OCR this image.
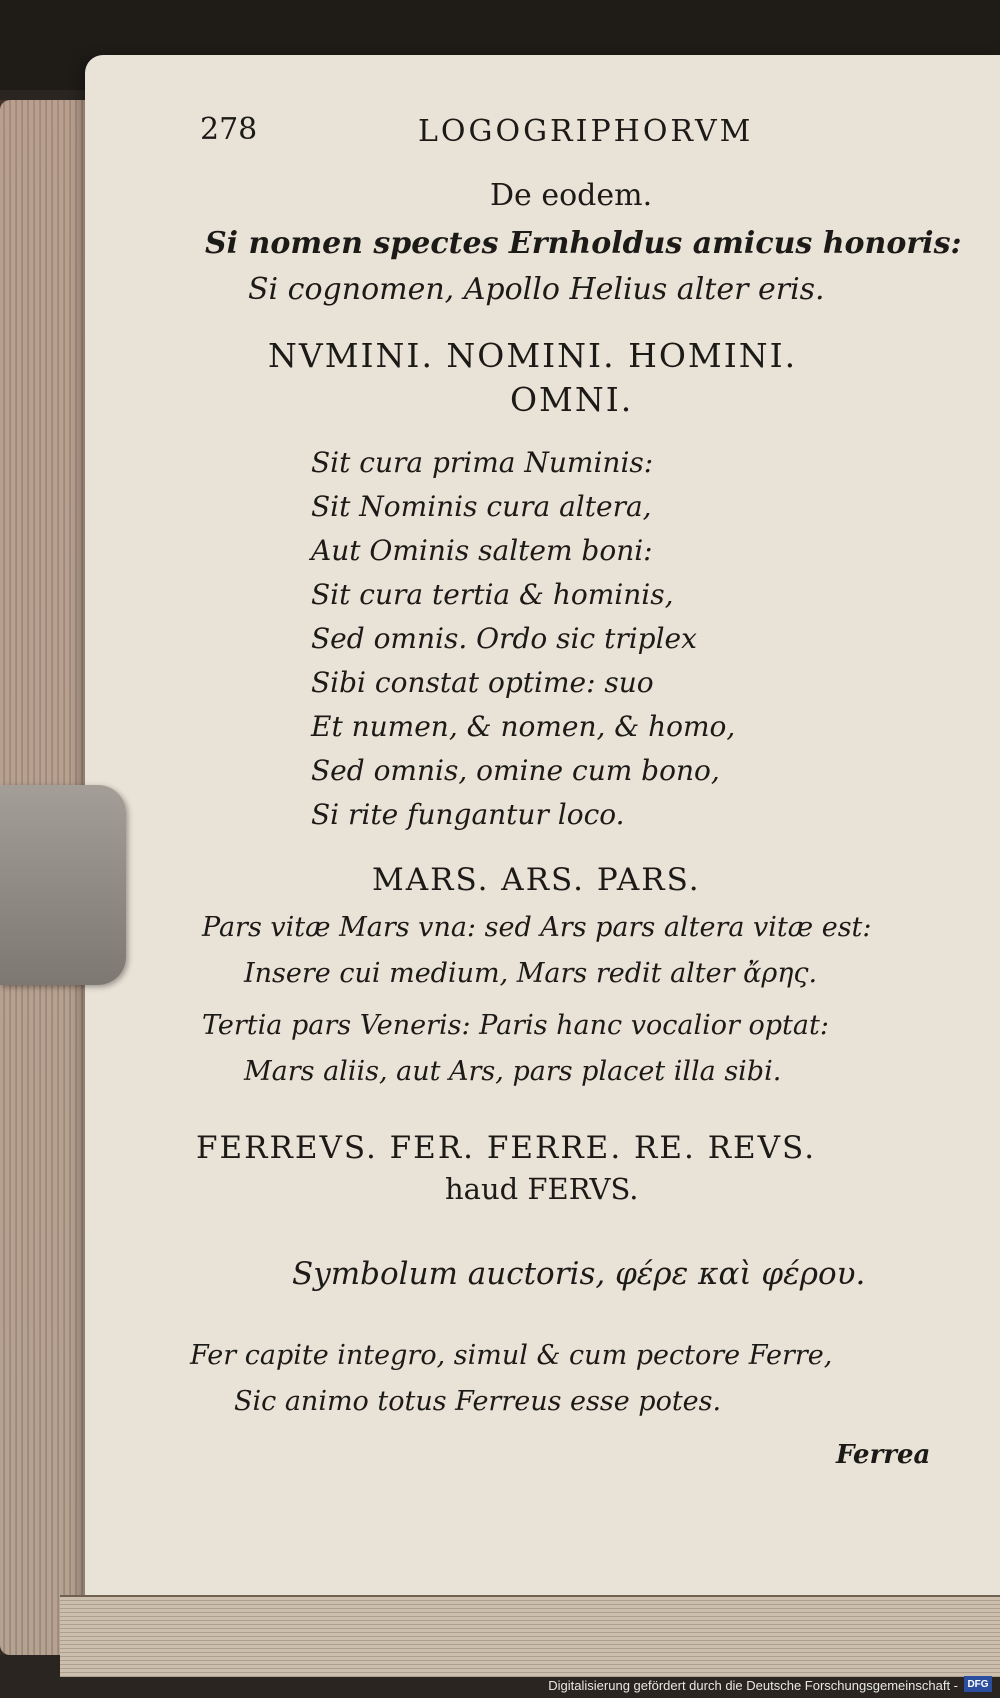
278	LOGOGRIPHORVM
De eodem.
Si nomen spectes Ernholdus amicus honoris:
Si cognomen, Apollo Helius alter eris.
NVMINI. NOMINI. HOMINI.
OMNI.
Sit cura prima Numinis:
Sit Nominis cura altera,
Aut Ominis saltem boni:
Sit cura tertia & hominis,
Sed omnis. Ordo sic triplex
Sibi constat optime: suo
Et numen, & nomen, & homo,
Sed omnis, omine cum bono,
Si rite fungantur loco.
MARS. ARS. PARS.
Pars vitæ Mars vna: sed Ars pars altera vitæ est:
Insere cui medium, Mars redit alter ἄρης.
Tertia pars Veneris: Paris hanc vocalior optat:
Mars aliis, aut Ars, pars placet illa sibi.
FERREVS. FER. FERRE. RE. REVS.
haud FERVS.
Symbolum auctoris, φέρε καὶ φέρου.
Fer capite integro, simul & cum pectore Ferre,
Sic animo totus Ferreus esse potes.
Ferrea
Digitalisierung gefördert durch die Deutsche Forschungsgemeinschaft - DFG
